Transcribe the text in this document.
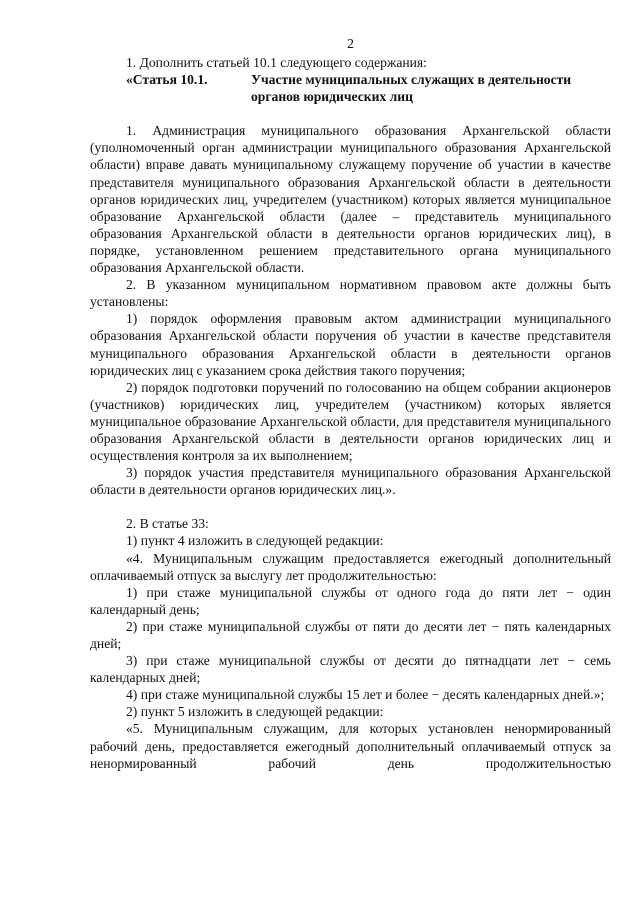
2

1. Дополнить статьей 10.1 следующего содержания:

«Статья 10.1.	Участие муниципальных служащих в деятельности органов юридических лиц

1. Администрация муниципального образования Архангельской области (уполномоченный орган администрации муниципального образования Архангельской области) вправе давать муниципальному служащему поручение об участии в качестве представителя муниципального образования Архангельской области в деятельности органов юридических лиц, учредителем (участником) которых является муниципальное образование Архангельской области (далее – представитель муниципального образования Архангельской области в деятельности органов юридических лиц), в порядке, установленном решением представительного органа муниципального образования Архангельской области.

2. В указанном муниципальном нормативном правовом акте должны быть установлены:

1) порядок оформления правовым актом администрации муниципального образования Архангельской области поручения об участии в качестве представителя муниципального образования Архангельской области в деятельности органов юридических лиц с указанием срока действия такого поручения;

2) порядок подготовки поручений по голосованию на общем собрании акционеров (участников) юридических лиц, учредителем (участником) которых является муниципальное образование Архангельской области, для представителя муниципального образования Архангельской области в деятельности органов юридических лиц и осуществления контроля за их выполнением;

3) порядок участия представителя муниципального образования Архангельской области в деятельности органов юридических лиц.».

2. В статье 33:

1) пункт 4 изложить в следующей редакции:

«4. Муниципальным служащим предоставляется ежегодный дополнительный оплачиваемый отпуск за выслугу лет продолжительностью:

1) при стаже муниципальной службы от одного года до пяти лет − один календарный день;

2) при стаже муниципальной службы от пяти до десяти лет − пять календарных дней;

3) при стаже муниципальной службы от десяти до пятнадцати лет − семь календарных дней;

4) при стаже муниципальной службы 15 лет и более − десять календарных дней.»;

2) пункт 5 изложить в следующей редакции:

«5. Муниципальным служащим, для которых установлен ненормированный рабочий день, предоставляется ежегодный дополнительный оплачиваемый отпуск за ненормированный рабочий день продолжительностью
